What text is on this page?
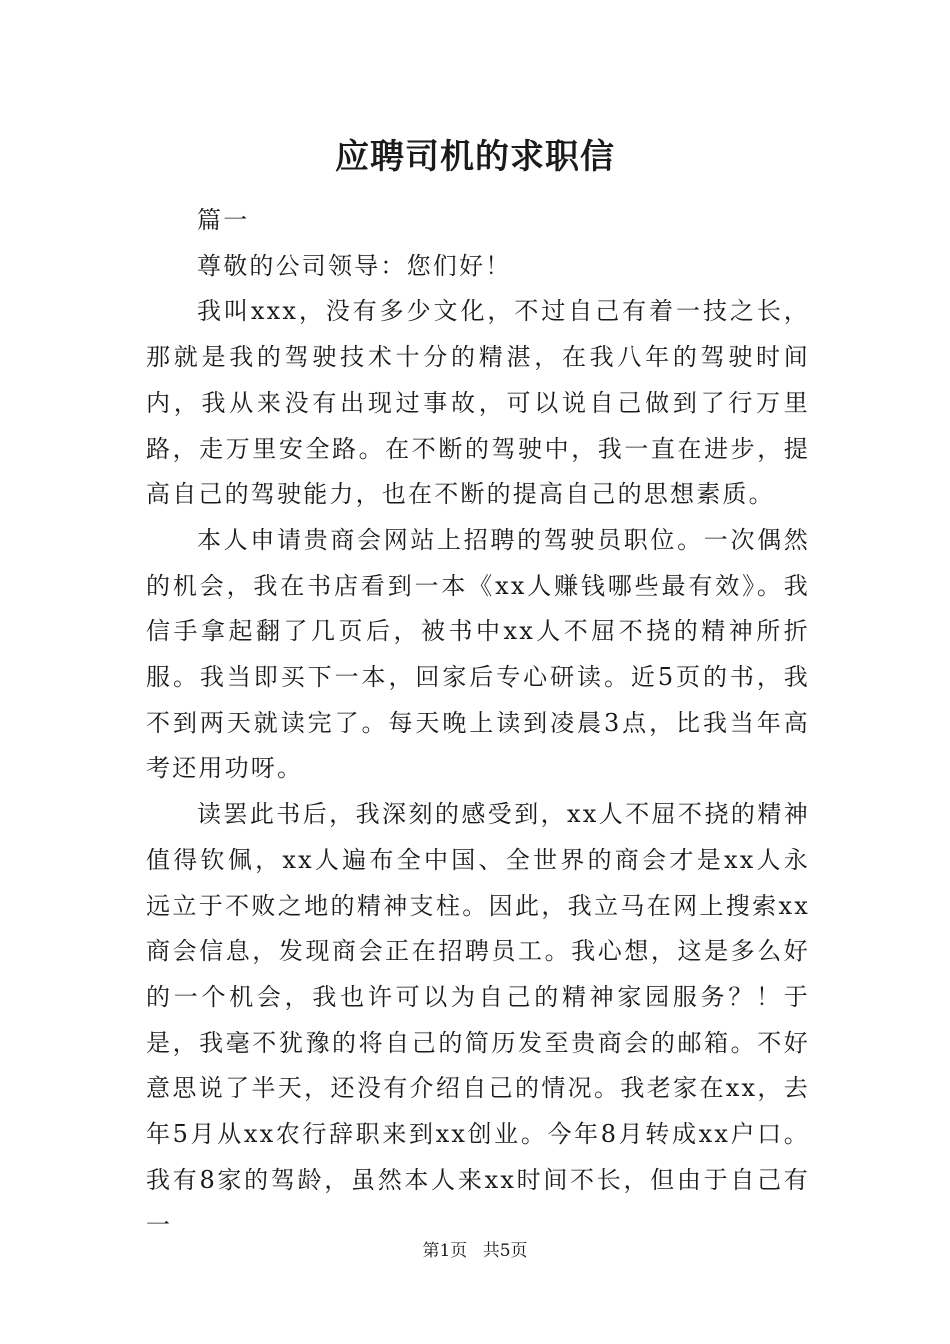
应聘司机的求职信

篇一

尊敬的公司领导：您们好！

我叫xxx，没有多少文化，不过自己有着一技之长，那就是我的驾驶技术十分的精湛，在我八年的驾驶时间内，我从来没有出现过事故，可以说自己做到了行万里路，走万里安全路。在不断的驾驶中，我一直在进步，提高自己的驾驶能力，也在不断的提高自己的思想素质。

本人申请贵商会网站上招聘的驾驶员职位。一次偶然的机会，我在书店看到一本《xx人赚钱哪些最有效》。我信手拿起翻了几页后，被书中xx人不屈不挠的精神所折服。我当即买下一本，回家后专心研读。近5页的书，我不到两天就读完了。每天晚上读到凌晨3点，比我当年高考还用功呀。

读罢此书后，我深刻的感受到，xx人不屈不挠的精神值得钦佩，xx人遍布全中国、全世界的商会才是xx人永远立于不败之地的精神支柱。因此，我立马在网上搜索xx商会信息，发现商会正在招聘员工。我心想，这是多么好的一个机会，我也许可以为自己的精神家园服务？！于是，我毫不犹豫的将自己的简历发至贵商会的邮箱。不好意思说了半天，还没有介绍自己的情况。我老家在xx，去年5月从xx农行辞职来到xx创业。今年8月转成xx户口。我有8家的驾龄，虽然本人来xx时间不长，但由于自己有一

第1页 共5页
